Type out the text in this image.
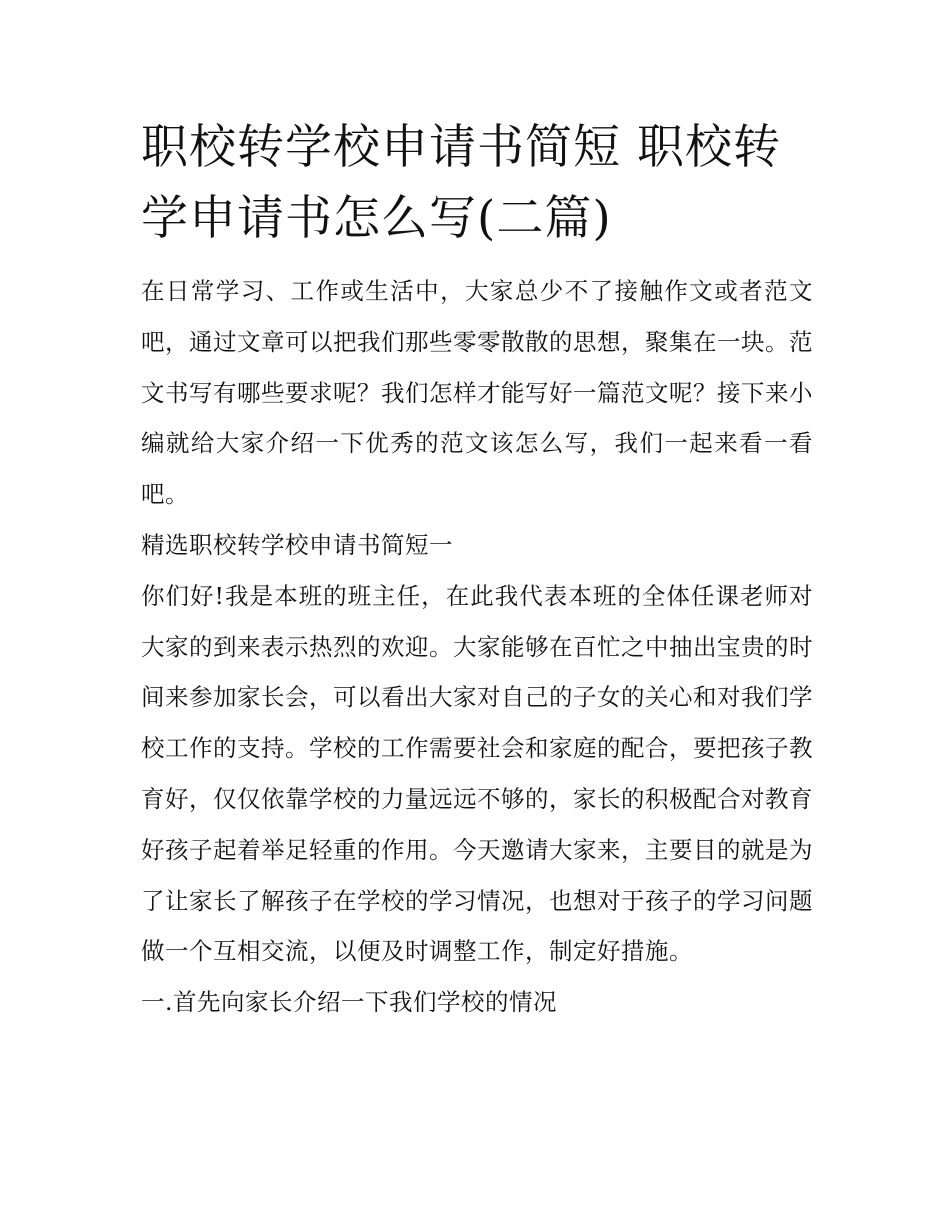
职校转学校申请书简短 职校转学申请书怎么写(二篇)

在日常学习、工作或生活中，大家总少不了接触作文或者范文吧，通过文章可以把我们那些零零散散的思想，聚集在一块。范文书写有哪些要求呢？我们怎样才能写好一篇范文呢？接下来小编就给大家介绍一下优秀的范文该怎么写，我们一起来看一看吧。

精选职校转学校申请书简短一

你们好!我是本班的班主任，在此我代表本班的全体任课老师对大家的到来表示热烈的欢迎。大家能够在百忙之中抽出宝贵的时间来参加家长会，可以看出大家对自己的子女的关心和对我们学校工作的支持。学校的工作需要社会和家庭的配合，要把孩子教育好，仅仅依靠学校的力量远远不够的，家长的积极配合对教育好孩子起着举足轻重的作用。今天邀请大家来，主要目的就是为了让家长了解孩子在学校的学习情况，也想对于孩子的学习问题做一个互相交流，以便及时调整工作，制定好措施。

一.首先向家长介绍一下我们学校的情况
